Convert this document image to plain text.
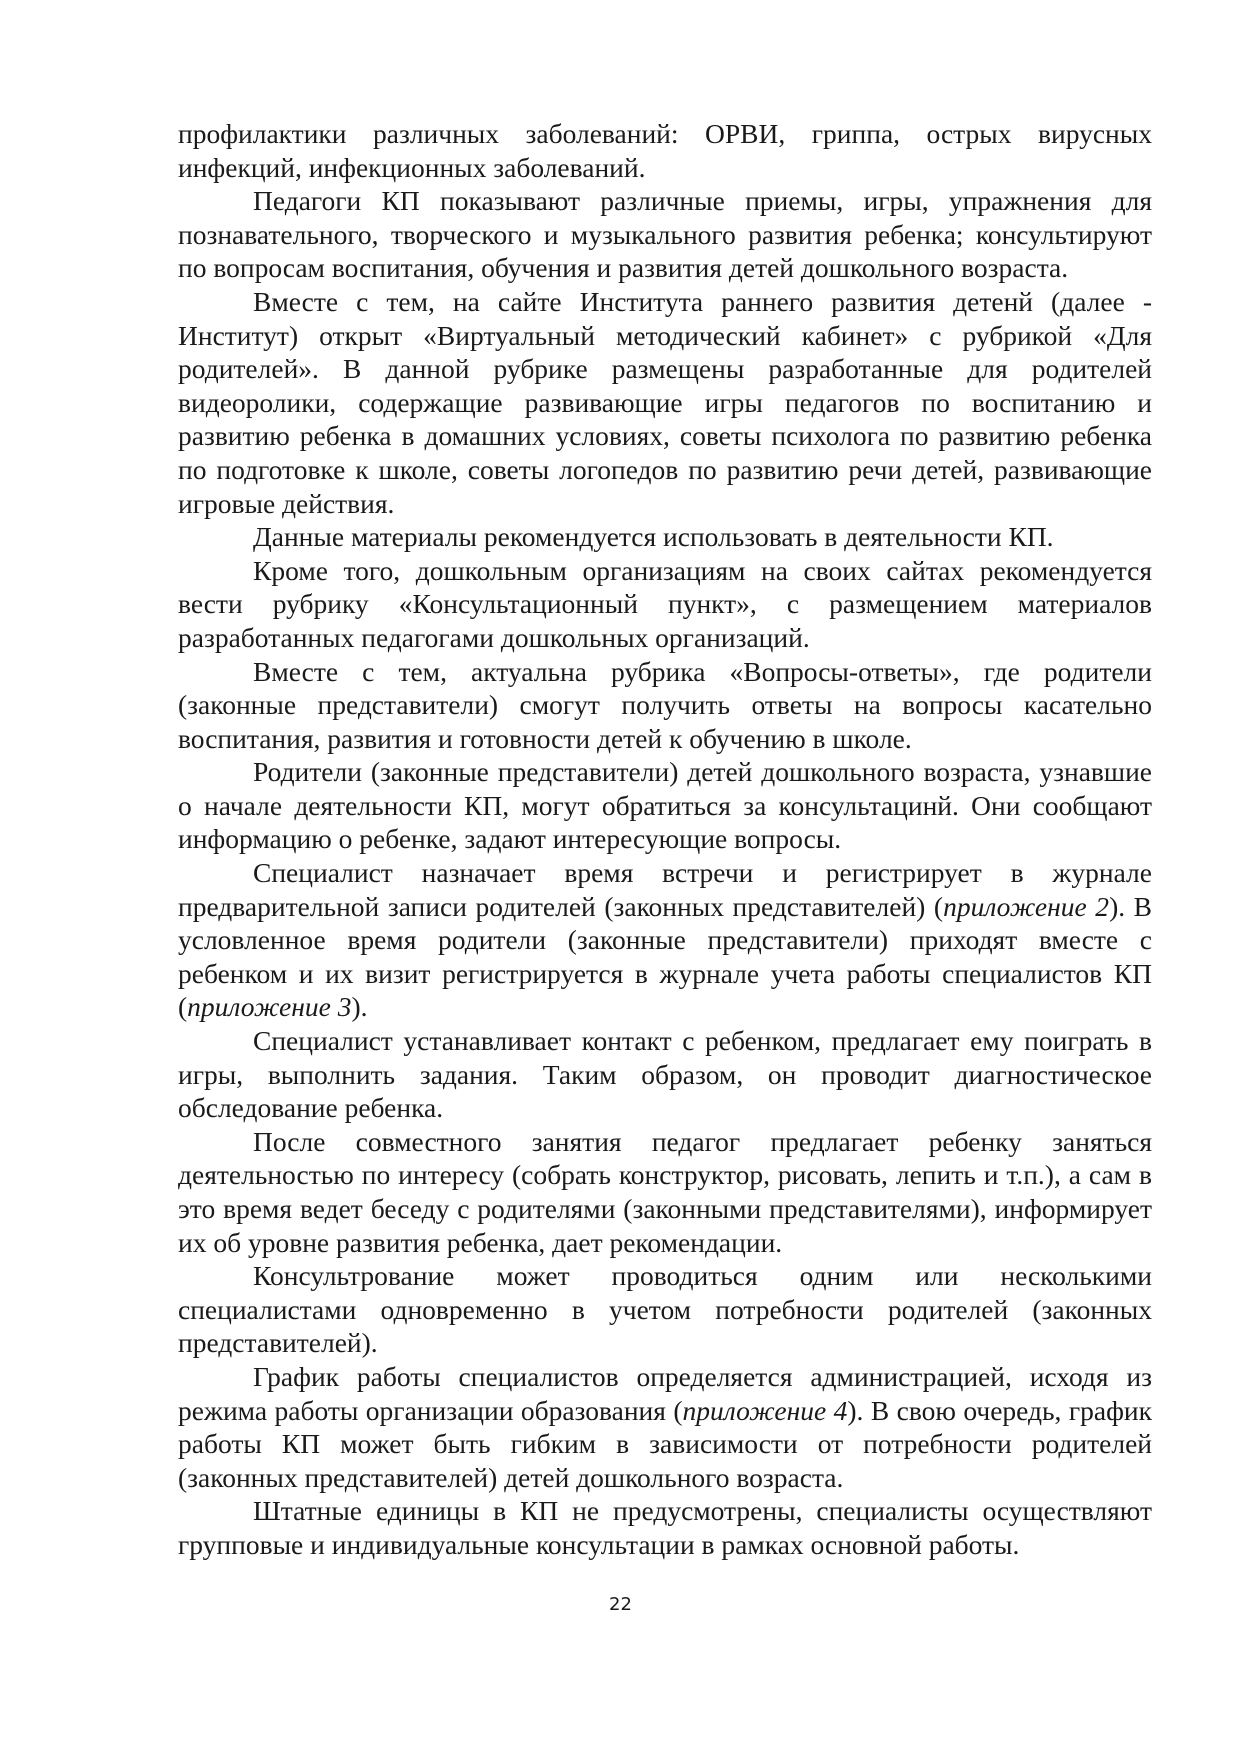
профилактики различных заболеваний: ОРВИ, гриппа, острых вирусных инфекций, инфекционных заболеваний.

Педагоги КП показывают различные приемы, игры, упражнения для познавательного, творческого и музыкального развития ребенка; консультируют по вопросам воспитания, обучения и развития детей дошкольного возраста.

Вместе с тем, на сайте Института раннего развития детенй (далее - Институт) открыт «Виртуальный методический кабинет» с рубрикой «Для родителей». В данной рубрике размещены разработанные для родителей видеоролики, содержащие развивающие игры педагогов по воспитанию и развитию ребенка в домашних условиях, советы психолога по развитию ребенка по подготовке к школе, советы логопедов по развитию речи детей, развивающие игровые действия.

Данные материалы рекомендуется использовать в деятельности КП.

Кроме того, дошкольным организациям на своих сайтах рекомендуется вести рубрику «Консультационный пункт», с размещением материалов разработанных педагогами дошкольных организаций.

Вместе с тем, актуальна рубрика «Вопросы-ответы», где родители (законные представители) смогут получить ответы на вопросы касательно воспитания, развития и готовности детей к обучению в школе.

Родители (законные представители) детей дошкольного возраста, узнавшие о начале деятельности КП, могут обратиться за консультацинй. Они сообщают информацию о ребенке, задают интересующие вопросы.

Специалист назначает время встречи и регистрирует в журнале предварительной записи родителей (законных представителей) (приложение 2). В условленное время родители (законные представители) приходят вместе с ребенком и их визит регистрируется в журнале учета работы специалистов КП (приложение 3).

Специалист устанавливает контакт с ребенком, предлагает ему поиграть в игры, выполнить задания. Таким образом, он проводит диагностическое обследование ребенка.

После совместного занятия педагог предлагает ребенку заняться деятельностью по интересу (собрать конструктор, рисовать, лепить и т.п.), а сам в это время ведет беседу с родителями (законными представителями), информирует их об уровне развития ребенка, дает рекомендации.

Консультрование может проводиться одним или несколькими специалистами одновременно в учетом потребности родителей (законных представителей).

График работы специалистов определяется администрацией, исходя из режима работы организации образования (приложение 4). В свою очередь, график работы КП может быть гибким в зависимости от потребности родителей (законных представителей) детей дошкольного возраста.

Штатные единицы в КП не предусмотрены, специалисты осуществляют групповые и индивидуальные консультации в рамках основной работы.

22
